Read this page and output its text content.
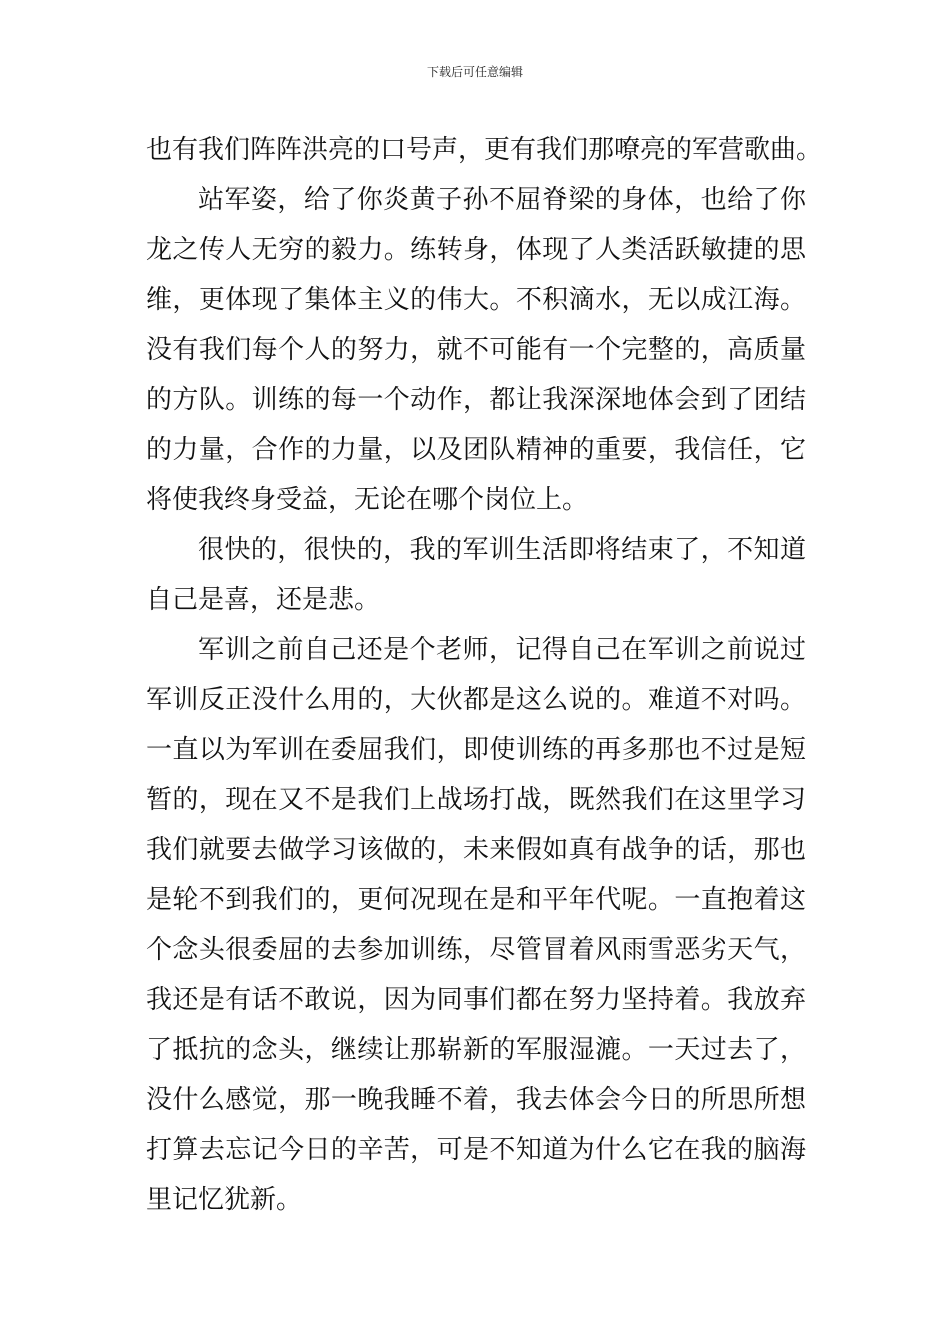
下载后可任意编辑
也有我们阵阵洪亮的口号声，更有我们那嘹亮的军营歌曲。
站军姿，给了你炎黄子孙不屈脊梁的身体，也给了你
龙之传人无穷的毅力。练转身，体现了人类活跃敏捷的思
维，更体现了集体主义的伟大。不积滴水，无以成江海。
没有我们每个人的努力，就不可能有一个完整的，高质量
的方队。训练的每一个动作，都让我深深地体会到了团结
的力量，合作的力量，以及团队精神的重要，我信任，它
将使我终身受益，无论在哪个岗位上。
很快的，很快的，我的军训生活即将结束了，不知道
自己是喜，还是悲。
军训之前自己还是个老师，记得自己在军训之前说过
军训反正没什么用的，大伙都是这么说的。难道不对吗。
一直以为军训在委屈我们，即使训练的再多那也不过是短
暂的，现在又不是我们上战场打战，既然我们在这里学习
我们就要去做学习该做的，未来假如真有战争的话，那也
是轮不到我们的，更何况现在是和平年代呢。一直抱着这
个念头很委屈的去参加训练，尽管冒着风雨雪恶劣天气，
我还是有话不敢说，因为同事们都在努力坚持着。我放弃
了抵抗的念头，继续让那崭新的军服湿漉。一天过去了，
没什么感觉，那一晚我睡不着，我去体会今日的所思所想
打算去忘记今日的辛苦，可是不知道为什么它在我的脑海
里记忆犹新。
